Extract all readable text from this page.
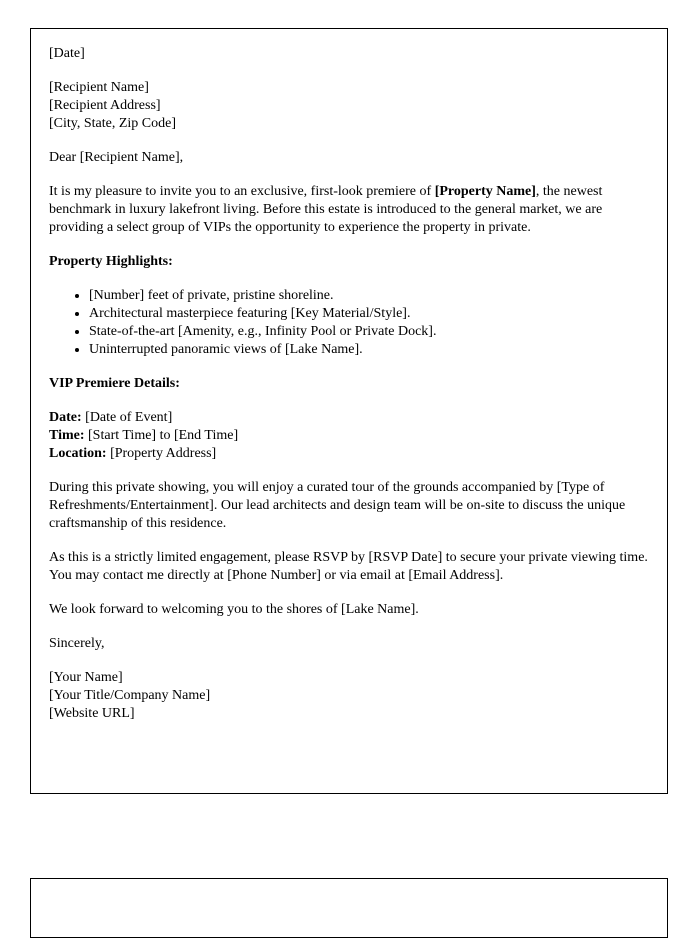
[Date]

[Recipient Name]
[Recipient Address]
[City, State, Zip Code]

Dear [Recipient Name],

It is my pleasure to invite you to an exclusive, first-look premiere of [Property Name], the newest benchmark in luxury lakefront living. Before this estate is introduced to the general market, we are providing a select group of VIPs the opportunity to experience the property in private.

Property Highlights:

• [Number] feet of private, pristine shoreline.
• Architectural masterpiece featuring [Key Material/Style].
• State-of-the-art [Amenity, e.g., Infinity Pool or Private Dock].
• Uninterrupted panoramic views of [Lake Name].

VIP Premiere Details:

Date: [Date of Event]
Time: [Start Time] to [End Time]
Location: [Property Address]

During this private showing, you will enjoy a curated tour of the grounds accompanied by [Type of Refreshments/Entertainment]. Our lead architects and design team will be on-site to discuss the unique craftsmanship of this residence.

As this is a strictly limited engagement, please RSVP by [RSVP Date] to secure your private viewing time. You may contact me directly at [Phone Number] or via email at [Email Address].

We look forward to welcoming you to the shores of [Lake Name].

Sincerely,

[Your Name]
[Your Title/Company Name]
[Website URL]
